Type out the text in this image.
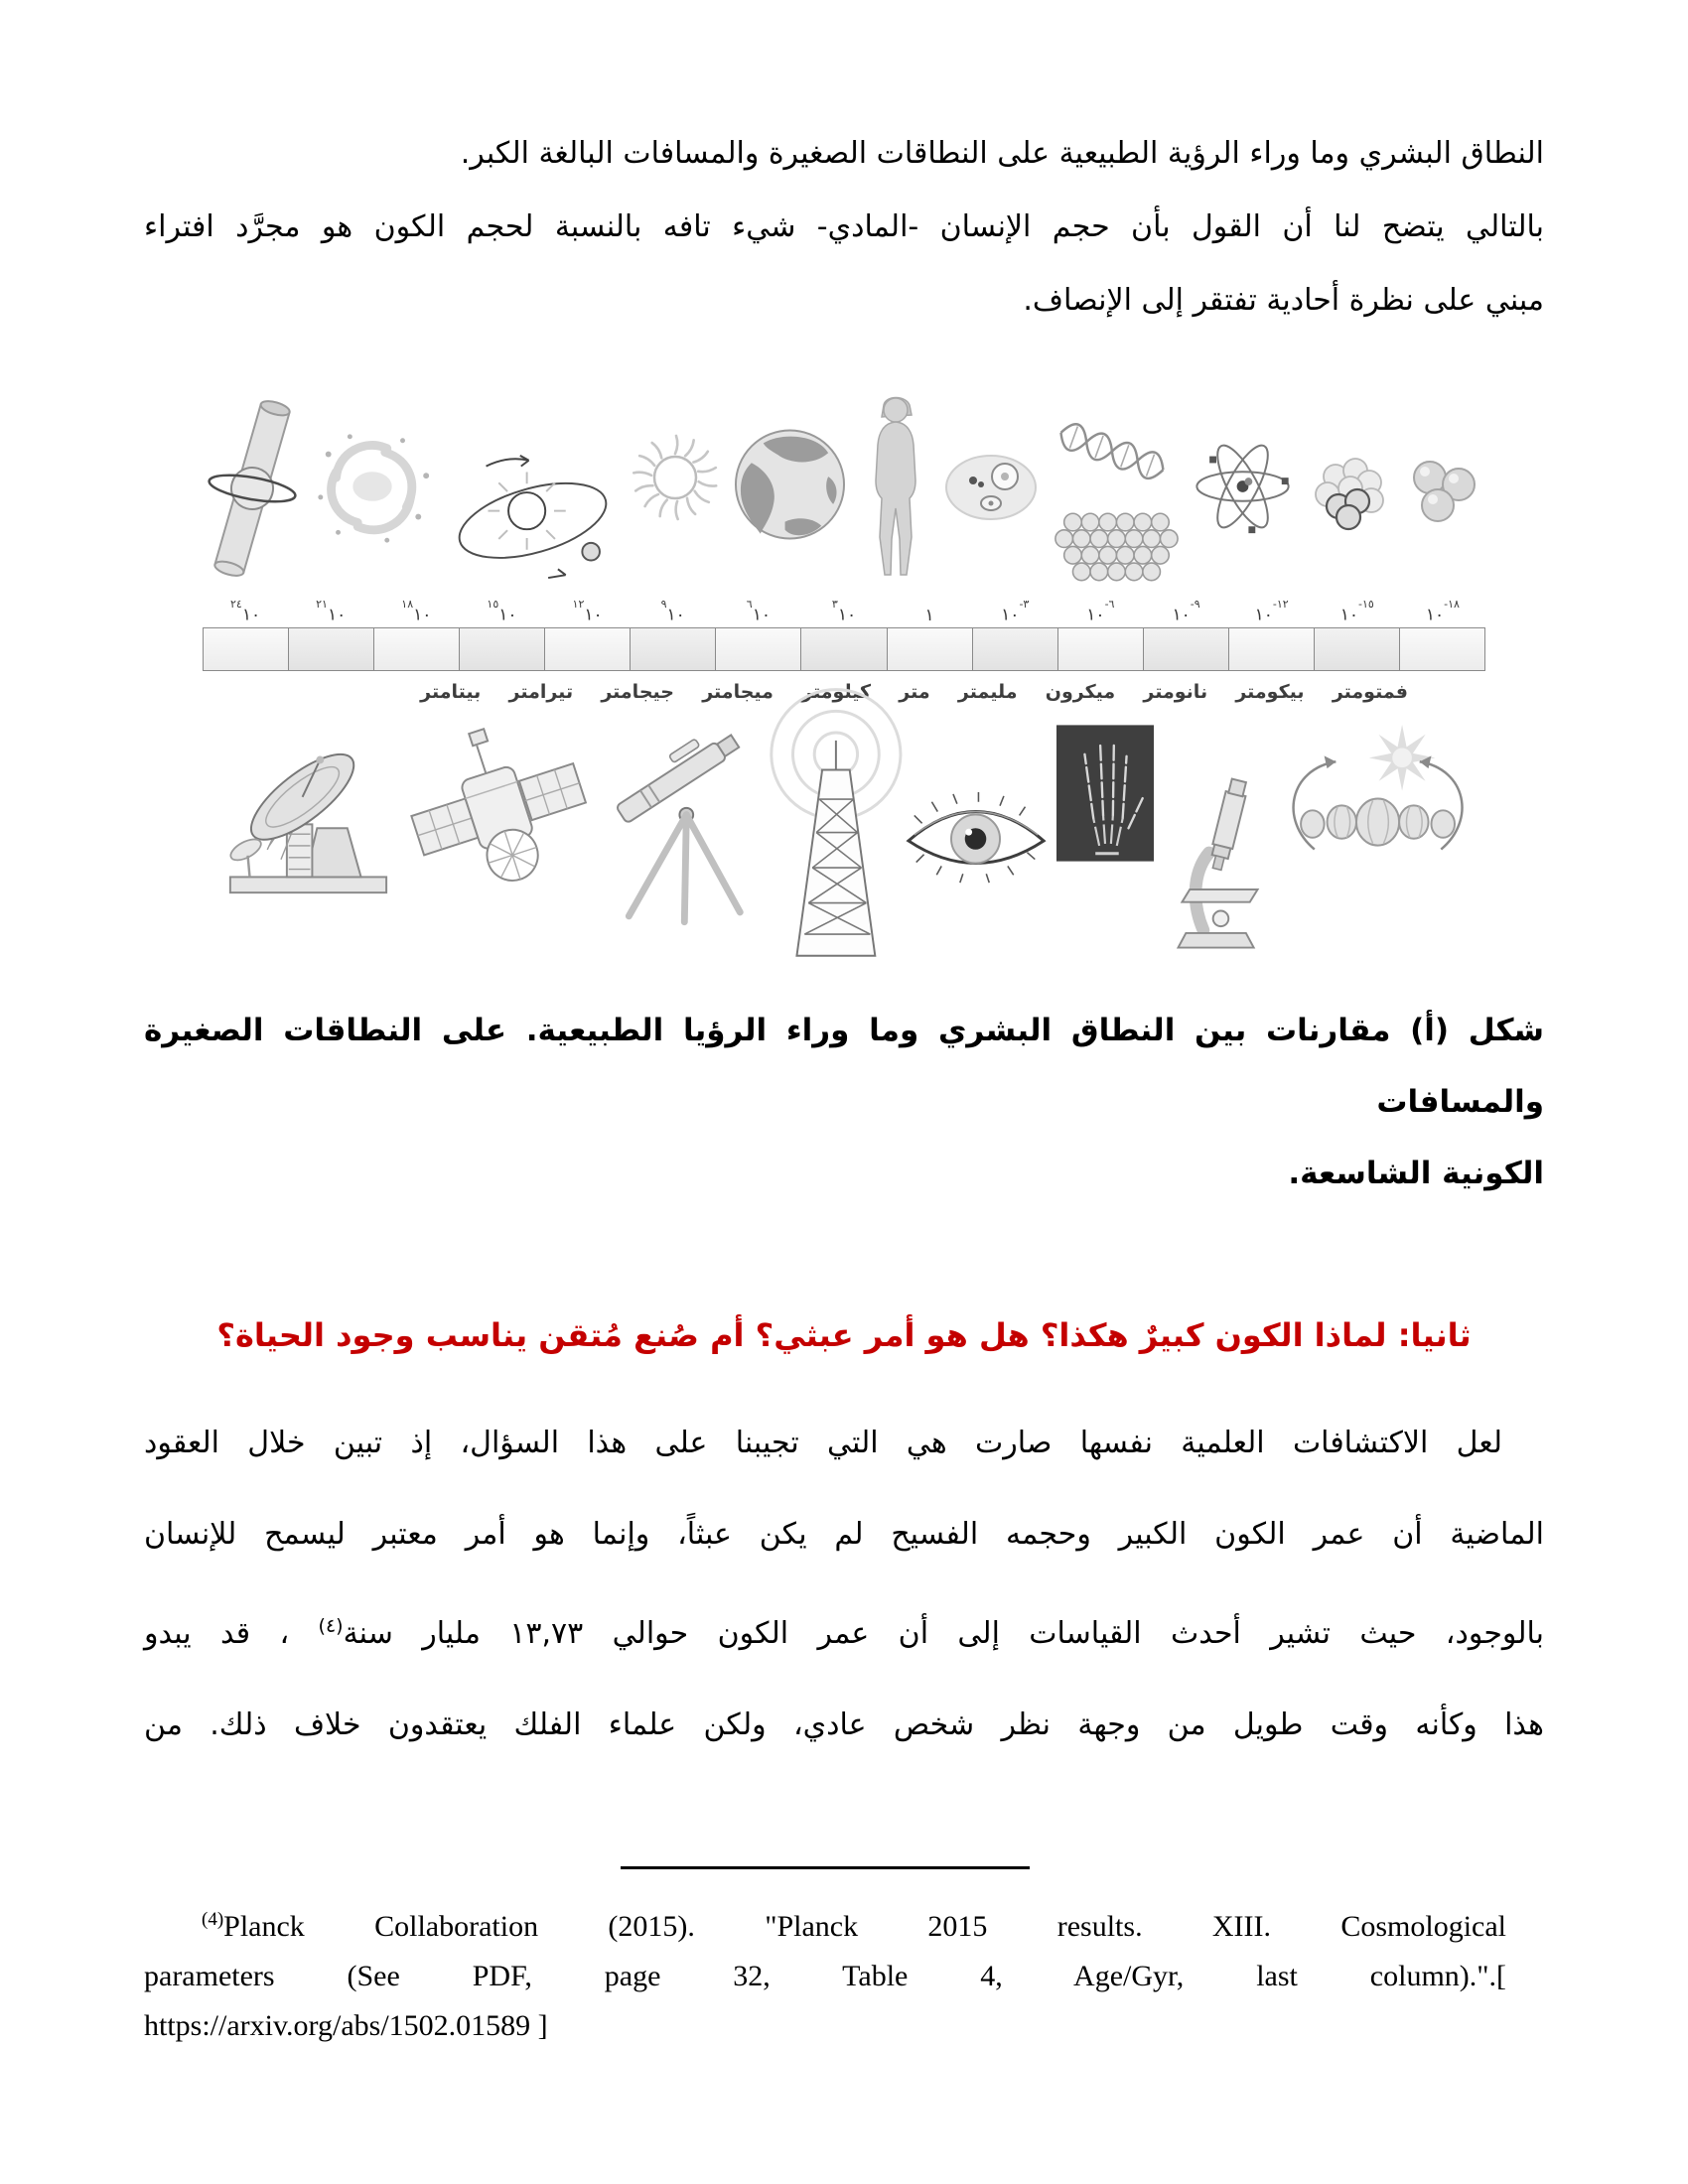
النطاق البشري وما وراء الرؤية الطبيعية على النطاقات الصغيرة والمسافات البالغة الكبر.
بالتالي يتضح لنا أن القول بأن حجم الإنسان -المادي- شيء تافه بالنسبة لحجم الكون هو مجرَّد افتراء
مبني على نظرة أحادية تفتقر إلى الإنصاف.
$^{٢٤}$١٠
$^{٢١}$١٠
$^{١٨}$١٠
$^{١٥}$١٠
$^{١٢}$١٠
$^٩$١٠
$^٦$١٠
$^٣$١٠	١
$^{٣-}$١٠
$^{٦-}$١٠
$^{٩-}$١٠
$^{١٢-}$١٠
$^{١٥-}$١٠
$^{١٨-}$١٠
فمتومتر
بيكومتر
نانومتر
ميكرون
مليمتر
متر
كيلومتر
ميجامتر
جيجامتر
تيرامتر
بيتامتر
شكل (أ) مقارنات بين النطاق البشري وما وراء الرؤيا الطبيعية. على النطاقات الصغيرة والمسافات
الكونية الشاسعة.
ثانيا: لماذا الكون كبيرٌ هكذا؟ هل هو أمر عبثي؟ أم صُنع مُتقن يناسب وجود الحياة؟
لعل الاكتشافات العلمية نفسها صارت هي التي تجيبنا على هذا السؤال، إذ تبين خلال العقود
الماضية أن عمر الكون الكبير وحجمه الفسيح لم يكن عبثاً، وإنما هو أمر معتبر ليسمح للإنسان
بالوجود، حيث تشير أحدث القياسات إلى أن عمر الكون حوالي ١٣,٧٣ مليار سنة$^{(٤)}$ ، قد يبدو
هذا وكأنه وقت طويل من وجهة نظر شخص عادي، ولكن علماء الفلك يعتقدون خلاف ذلك. من
$^{(4)}$Planck Collaboration (2015). "Planck 2015 results. XIII. Cosmological
parameters (See PDF, page 32, Table 4, Age/Gyr, last column).".[
https://arxiv.org/abs/1502.01589 ]
